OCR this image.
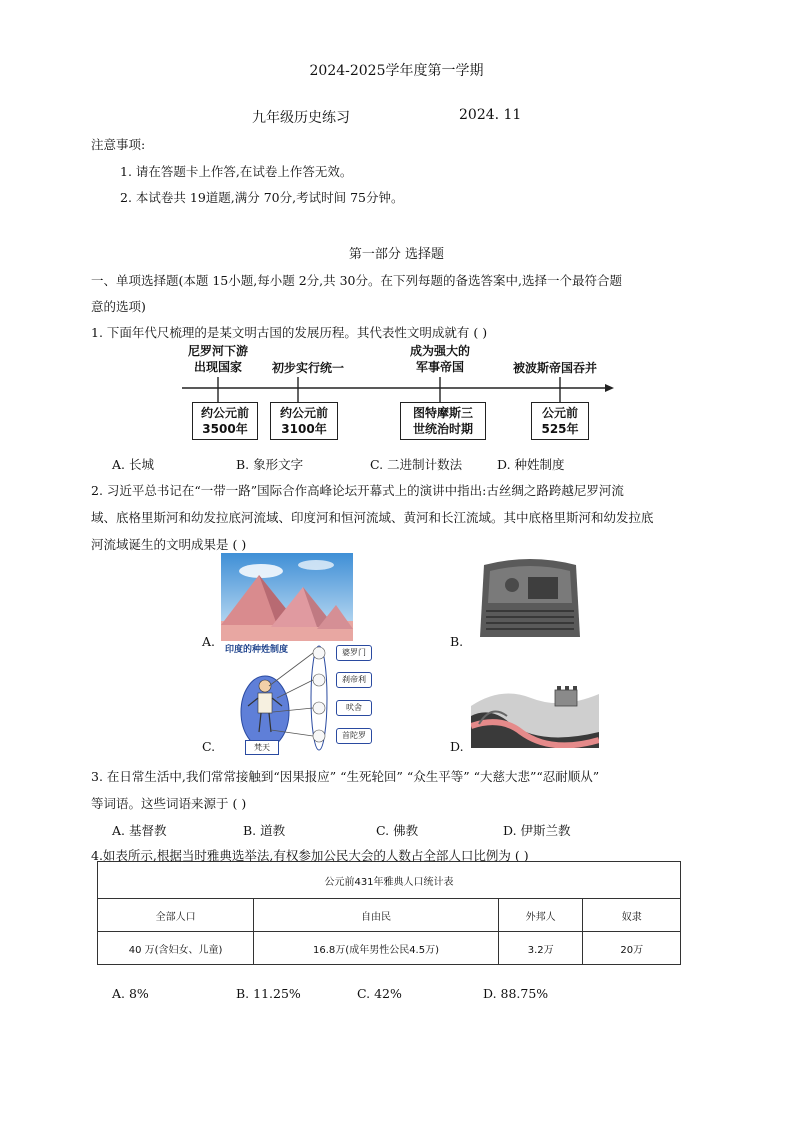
2024-2025学年度第一学期
九年级历史练习	2024. 11
注意事项:
1. 请在答题卡上作答,在试卷上作答无效。
2. 本试卷共 19道题,满分 70分,考试时间 75分钟。
第一部分 选择题
一、单项选择题(本题 15小题,每小题 2分,共 30分。在下列每题的备选答案中,选择一个最符合题
意的选项)
1. 下面年代尺梳理的是某文明古国的发展历程。其代表性文明成就有 ( )
尼罗河下游
出现国家	初步实行统一
成为强大的
军事帝国	被波斯帝国吞并
约公元前
3500年
约公元前
3100年
图特摩斯三
世统治时期
公元前
525年
A. 长城	B. 象形文字	C. 二进制计数法	D. 种姓制度
2. 习近平总书记在“一带一路”国际合作高峰论坛开幕式上的演讲中指出:古丝绸之路跨越尼罗河流
域、底格里斯河和幼发拉底河流域、印度河和恒河流域、黄河和长江流域。其中底格里斯河和幼发拉底
河流域诞生的文明成果是 ( )
A.	B.
印度的种姓制度	婆罗门
刹帝利
吠舍
首陀罗
梵天
C.	D.
3. 在日常生活中,我们常常接触到“因果报应” “生死轮回” “众生平等” “大慈大悲”“忍耐顺从”
等词语。这些词语来源于 ( )
A. 基督教	B. 道教	C. 佛教	D. 伊斯兰教
4.如表所示,根据当时雅典选举法,有权参加公民大会的人数占全部人口比例为 ( )
公元前431年雅典人口统计表			
全部人口	自由民	外邦人	奴隶
40 万(含妇女、儿童)	16.8万(成年男性公民4.5万)	3.2万	20万
A. 8%	B. 11.25%	C. 42%	D. 88.75%
